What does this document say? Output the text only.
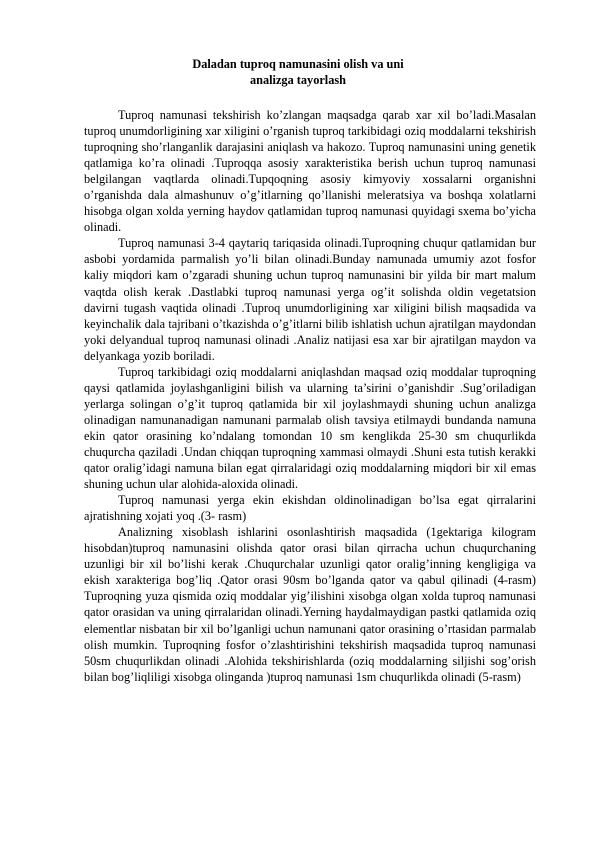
Daladan tuproq namunasini olish va uni
analizga tayorlash

Tuproq namunasi tekshirish ko’zlangan maqsadga qarab xar xil bo’ladi.Masalan tuproq unumdorligining xar xiligini o’rganish tuproq tarkibidagi oziq moddalarni tekshirish tuproqning sho’rlanganlik darajasini aniqlash va hakozo. Tuproq namunasini uning genetik qatlamiga ko’ra olinadi .Tuproqqa asosiy xarakteristika berish uchun tuproq namunasi belgilangan vaqtlarda olinadi.Tupqoqning asosiy kimyoviy xossalarni organishni o’rganishda dala almashunuv o’g’itlarning qo’llanishi meleratsiya va boshqa xolatlarni hisobga olgan xolda yerning haydov qatlamidan tuproq namunasi quyidagi sxema bo’yicha olinadi.

Tuproq namunasi 3-4 qaytariq tariqasida olinadi.Tuproqning chuqur qatlamidan bur asbobi yordamida parmalish yo’li bilan olinadi.Bunday namunada umumiy azot fosfor kaliy miqdori kam o’zgaradi shuning uchun tuproq namunasini bir yilda bir mart malum vaqtda olish kerak .Dastlabki tuproq namunasi yerga og’it solishda oldin vegetatsion davirni tugash vaqtida olinadi .Tuproq unumdorligining xar xiligini bilish maqsadida va keyinchalik dala tajribani o’tkazishda o’g’itlarni bilib ishlatish uchun ajratilgan maydondan yoki delyandual tuproq namunasi olinadi .Analiz natijasi esa xar bir ajratilgan maydon va delyankaga yozib boriladi.

Tuproq tarkibidagi oziq moddalarni aniqlashdan maqsad oziq moddalar tuproqning qaysi qatlamida joylashganligini bilish va ularning ta’sirini o’ganishdir .Sug’oriladigan yerlarga solingan o’g’it tuproq qatlamida bir xil joylashmaydi shuning uchun analizga olinadigan namunanadigan namunani parmalab olish tavsiya etilmaydi bundanda namuna ekin qator orasining ko’ndalang tomondan 10 sm kenglikda 25-30 sm chuqurlikda chuqurcha qaziladi .Undan chiqqan tuproqning xammasi olmaydi .Shuni esta tutish kerakki qator oralig’idagi namuna bilan egat qirralaridagi oziq moddalarning miqdori bir xil emas shuning uchun ular alohida-aloxida olinadi.

Tuproq namunasi yerga ekin ekishdan oldinolinadigan bo’lsa egat qirralarini ajratishning xojati yoq .(3- rasm)

Analizning xisoblash ishlarini osonlashtirish maqsadida (1gektariga kilogram hisobdan)tuproq namunasini olishda qator orasi bilan qirracha uchun chuqurchaning uzunligi bir xil bo’lishi kerak .Chuqurchalar uzunligi qator oralig’inning kengligiga va ekish xarakteriga bog’liq .Qator orasi 90sm bo’lganda qator va qabul qilinadi (4-rasm) Tuproqning yuza qismida oziq moddalar yig’ilishini xisobga olgan xolda tuproq namunasi qator orasidan va uning qirralaridan olinadi.Yerning haydalmaydigan pastki qatlamida oziq elementlar nisbatan bir xil bo’lganligi uchun namunani qator orasining o’rtasidan parmalab olish mumkin. Tuproqning fosfor o’zlashtirishini tekshirish maqsadida tuproq namunasi 50sm chuqurlikdan olinadi .Alohida tekshirishlarda (oziq moddalarning siljishi sog’orish bilan bog’liqliligi xisobga olinganda )tuproq namunasi 1sm chuqurlikda olinadi (5-rasm)
